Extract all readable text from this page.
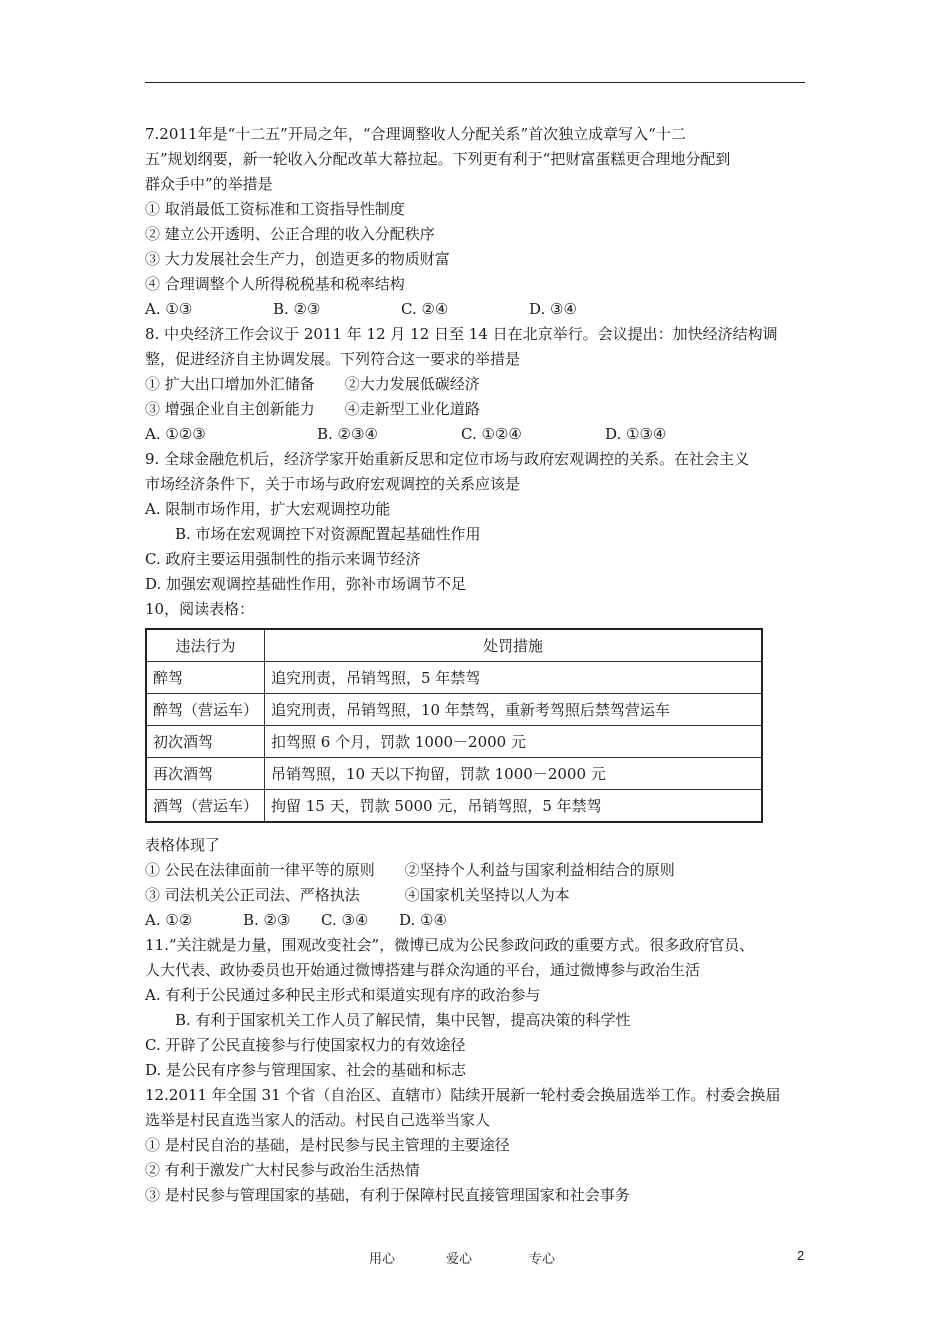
7.2011年是“十二五”开局之年，“合理调整收人分配关系”首次独立成章写入“十二
五”规划纲要，新一轮收入分配改革大幕拉起。下列更有利于“把财富蛋糕更合理地分配到
群众手中”的举措是
① 取消最低工资标准和工资指导性制度
② 建立公开透明、公正合理的收入分配秩序
③ 大力发展社会生产力，创造更多的物质财富
④ 合理调整个人所得税税基和税率结构
A. ①③	B. ②③	C. ②④	D. ③④
8. 中央经济工作会议于 2011 年 12 月 12 日至 14 日在北京举行。会议提出：加快经济结构调
整，促进经济自主协调发展。下列符合这一要求的举措是
① 扩大出口增加外汇储备　　②大力发展低碳经济
③ 增强企业自主创新能力　　④走新型工业化道路
A. ①②③	B. ②③④	C. ①②④	D. ①③④
9. 全球金融危机后，经济学家开始重新反思和定位市场与政府宏观调控的关系。在社会主义
市场经济条件下，关于市场与政府宏观调控的关系应该是
A. 限制市场作用，扩大宏观调控功能
B. 市场在宏观调控下对资源配置起基础性作用
C. 政府主要运用强制性的指示来调节经济
D. 加强宏观调控基础性作用，弥补市场调节不足
10，阅读表格：
违法行为	处罚措施
醉驾	追究刑责，吊销驾照，5 年禁驾
醉驾（营运车）	追究刑责，吊销驾照，10 年禁驾，重新考驾照后禁驾营运车
初次酒驾	扣驾照 6 个月，罚款 1000－2000 元
再次酒驾	吊销驾照，10 天以下拘留，罚款 1000－2000 元
酒驾（营运车）	拘留 15 天，罚款 5000 元，吊销驾照，5 年禁驾
表格体现了
① 公民在法律面前一律平等的原则　　②坚持个人利益与国家利益相结合的原则
③ 司法机关公正司法、严格执法　　　④国家机关坚持以人为本
A. ①②	B. ②③	C. ③④	D. ①④
11.“关注就是力量，围观改变社会”，微博已成为公民参政问政的重要方式。很多政府官员、
人大代表、政协委员也开始通过微博搭建与群众沟通的平台，通过微博参与政治生活
A. 有利于公民通过多种民主形式和渠道实现有序的政治参与
B. 有利于国家机关工作人员了解民情，集中民智，提高决策的科学性
C. 开辟了公民直接参与行使国家权力的有效途径
D. 是公民有序参与管理国家、社会的基础和标志
12.2011 年全国 31 个省（自治区、直辖市）陆续开展新一轮村委会换届选举工作。村委会换届
选举是村民直选当家人的活动。村民自己选举当家人
① 是村民自治的基础，是村民参与民主管理的主要途径
② 有利于激发广大村民参与政治生活热情
③ 是村民参与管理国家的基础，有利于保障村民直接管理国家和社会事务
用心	爱心	专心	2
